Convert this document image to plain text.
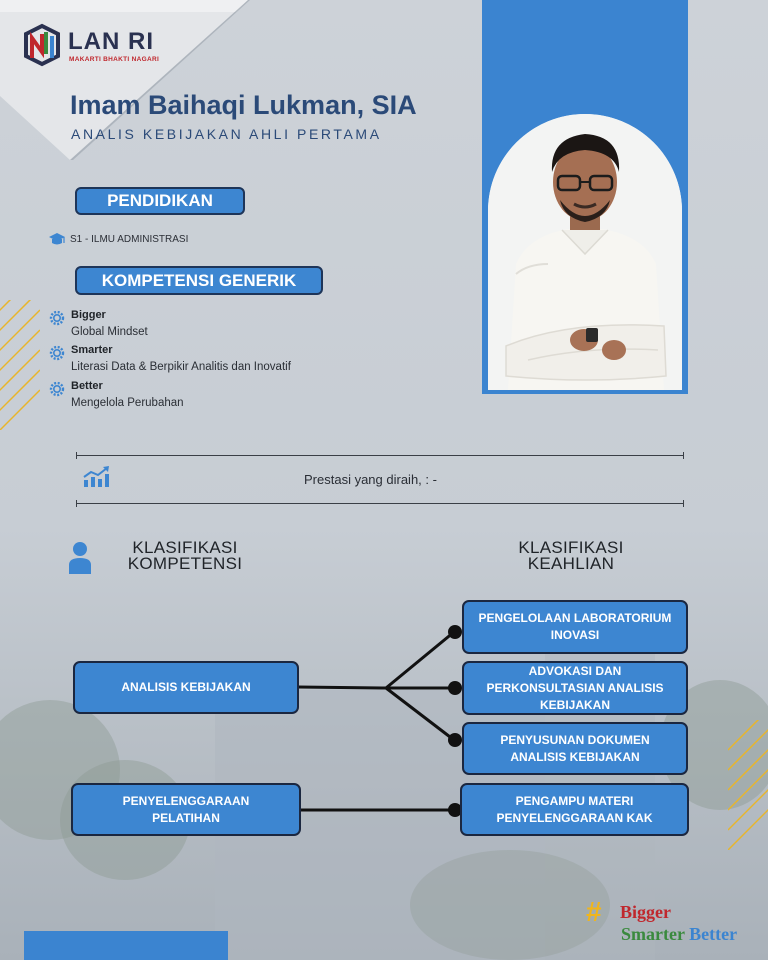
LAN RI
MAKARTI BHAKTI NAGARI
Imam Baihaqi Lukman, SIA
ANALIS KEBIJAKAN AHLI PERTAMA
PENDIDIKAN
S1 - ILMU ADMINISTRASI
KOMPETENSI GENERIK
Bigger
Global Mindset
Smarter
Literasi Data & Berpikir Analitis dan Inovatif
Better
Mengelola Perubahan
Prestasi yang diraih, : -
KLASIFIKASI
KOMPETENSI
KLASIFIKASI
KEAHLIAN
ANALISIS KEBIJAKAN
PENYELENGGARAAN PELATIHAN
PENGELOLAAN LABORATORIUM INOVASI
ADVOKASI DAN PERKONSULTASIAN ANALISIS KEBIJAKAN
PENYUSUNAN DOKUMEN ANALISIS KEBIJAKAN
PENGAMPU MATERI PENYELENGGARAAN KAK
# Bigger
Smarter Better
